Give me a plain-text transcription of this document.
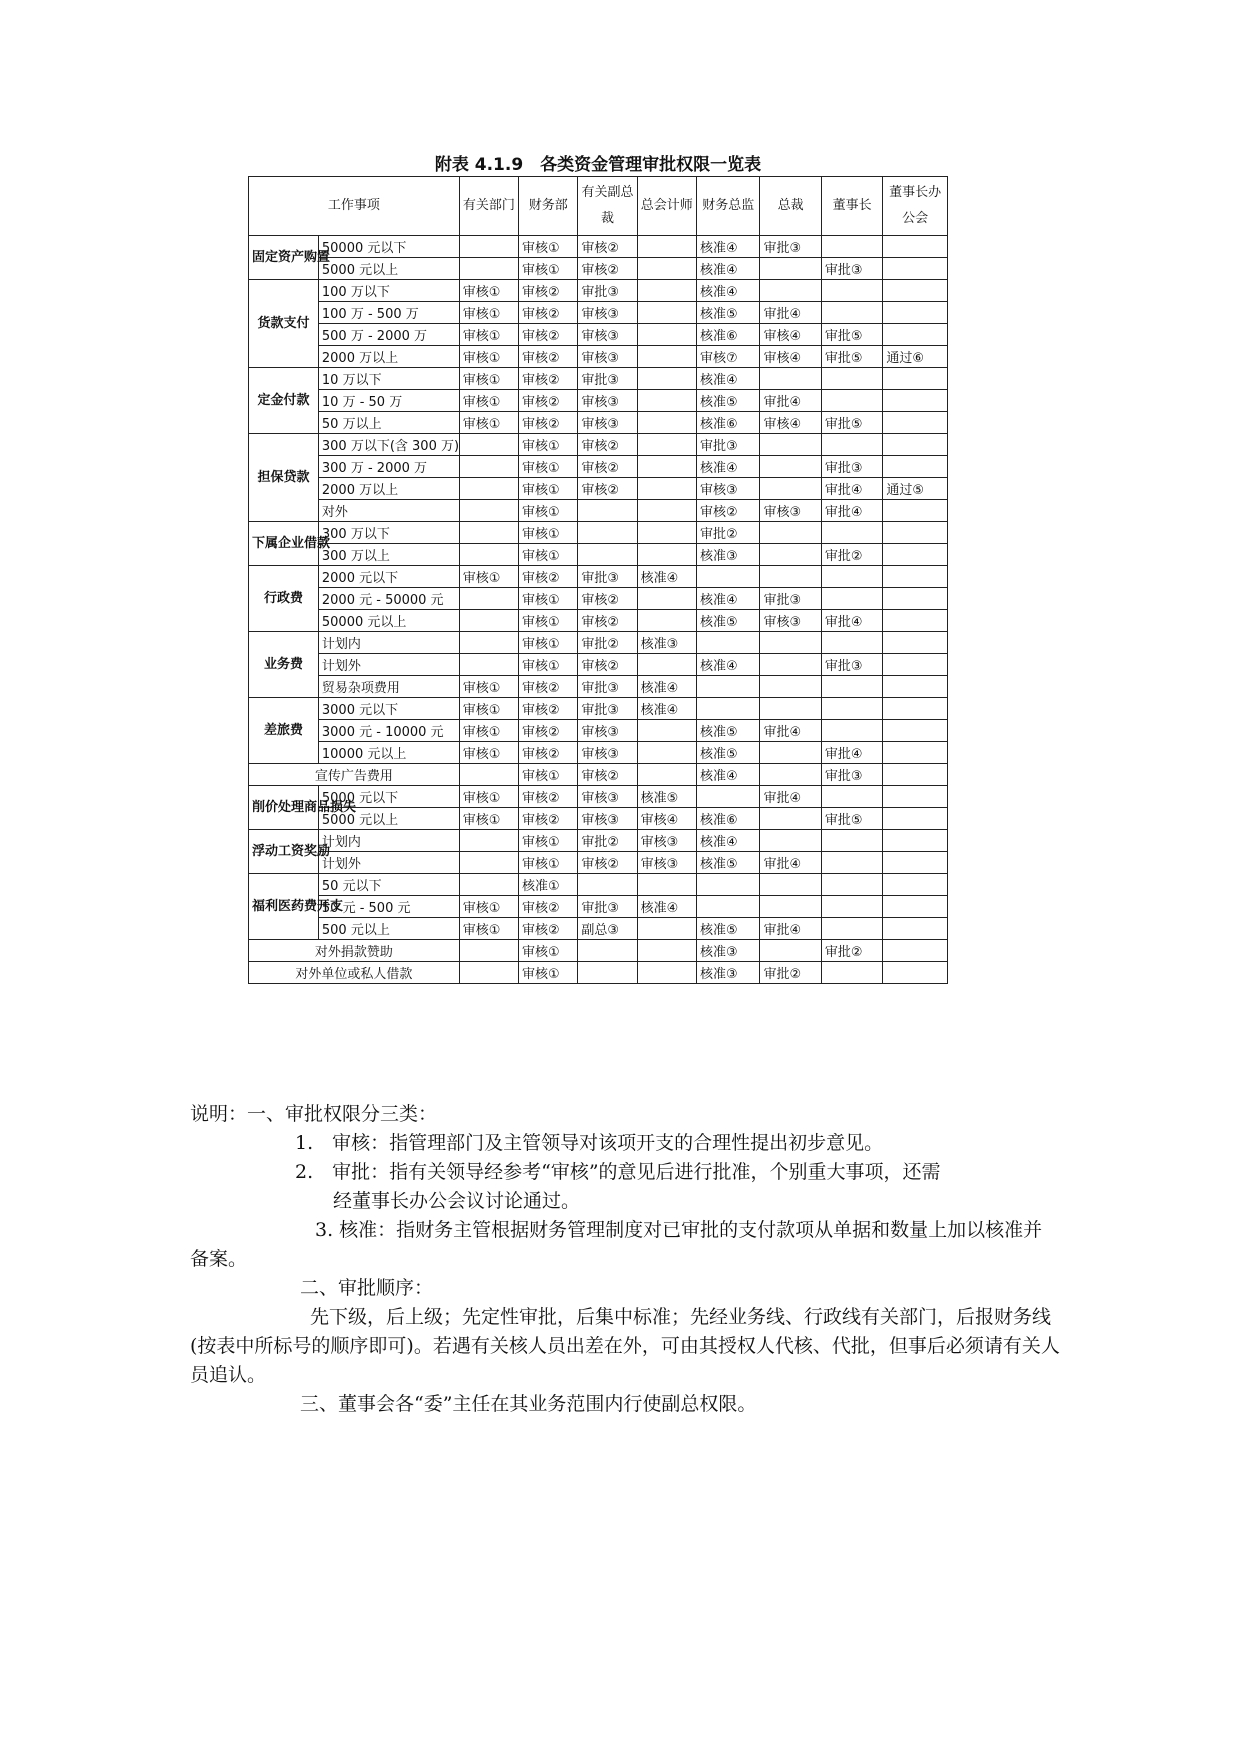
附表 4.1.9　各类资金管理审批权限一览表
工作事项		有关部门	财务部	有关副总裁	总会计师	财务总监	总裁	董事长	董事长办公会
固定资产购置	50000 元以下		审核①	审核②		核准④	审批③		
	5000 元以上		审核①	审核②		核准④		审批③	
货款支付	100 万以下	审核①	审核②	审批③		核准④			
	100 万 - 500 万	审核①	审核②	审核③		核准⑤	审批④		
	500 万 - 2000 万	审核①	审核②	审核③		核准⑥	审核④	审批⑤	
	2000 万以上	审核①	审核②	审核③		审核⑦	审核④	审批⑤	通过⑥
定金付款	10 万以下	审核①	审核②	审批③		核准④			
	10 万 - 50 万	审核①	审核②	审核③		核准⑤	审批④		
	50 万以上	审核①	审核②	审核③		核准⑥	审核④	审批⑤	
担保贷款	300 万以下(含 300 万)		审核①	审核②		审批③			
	300 万 - 2000 万		审核①	审核②		核准④		审批③	
	2000 万以上		审核①	审核②		审核③		审批④	通过⑤
	对外		审核①			审核②	审核③	审批④	
下属企业借款	300 万以下		审核①			审批②			
	300 万以上		审核①			核准③		审批②	
行政费	2000 元以下	审核①	审核②	审批③	核准④				
	2000 元 - 50000 元		审核①	审核②		核准④	审批③		
	50000 元以上		审核①	审核②		核准⑤	审核③	审批④	
业务费	计划内		审核①	审批②	核准③				
	计划外		审核①	审核②		核准④		审批③	
	贸易杂项费用	审核①	审核②	审批③	核准④				
差旅费	3000 元以下	审核①	审核②	审批③	核准④				
	3000 元 - 10000 元	审核①	审核②	审核③		核准⑤	审批④		
	10000 元以上	审核①	审核②	审核③		核准⑤		审批④	
宣传广告费用			审核①	审核②		核准④		审批③	
削价处理商品损失	5000 元以下	审核①	审核②	审核③	核准⑤		审批④		
	5000 元以上	审核①	审核②	审核③	审核④	核准⑥		审批⑤	
浮动工资奖励	计划内		审核①	审批②	审核③	核准④			
	计划外		审核①	审核②	审核③	核准⑤	审批④		
福利医药费开支	50 元以下		核准①						
	50 元 - 500 元	审核①	审核②	审批③	核准④				
	500 元以上	审核①	审核②	副总③		核准⑤	审批④		
对外捐款赞助			审核①			核准③		审批②	
对外单位或私人借款			审核①			核准③	审批②		

说明：一、审批权限分三类：

1.　审核：指管理部门及主管领导对该项开支的合理性提出初步意见。

2.　审批：指有关领导经参考“审核”的意见后进行批准，个别重大事项，还需

经董事长办公会议讨论通过。

3. 核准：指财务主管根据财务管理制度对已审批的支付款项从单据和数量上加以核准并备案。

二、审批顺序：

先下级，后上级；先定性审批，后集中标准；先经业务线、行政线有关部门，后报财务线(按表中所标号的顺序即可)。若遇有关核人员出差在外，可由其授权人代核、代批，但事后必须请有关人员追认。

三、董事会各“委”主任在其业务范围内行使副总权限。
